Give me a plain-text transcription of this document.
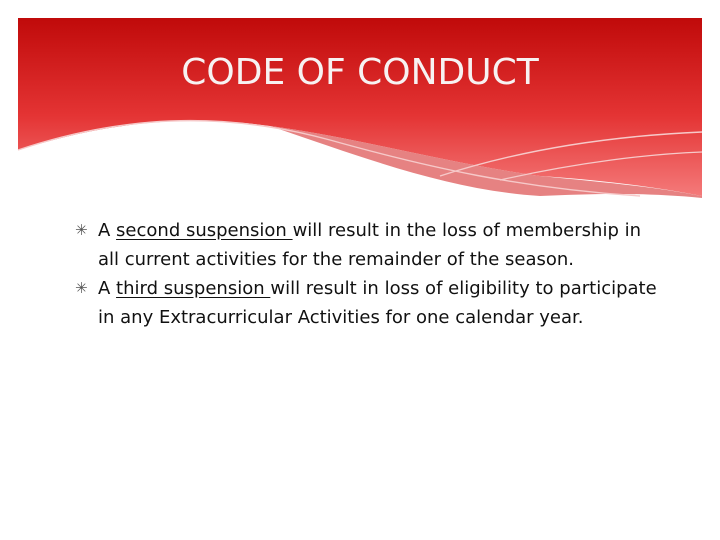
CODE OF CONDUCT
✳ A second suspension will result in the loss of membership in all current activities for the remainder of the season.
✳ A third suspension will result in loss of eligibility to participate in any Extracurricular Activities for one calendar year.
